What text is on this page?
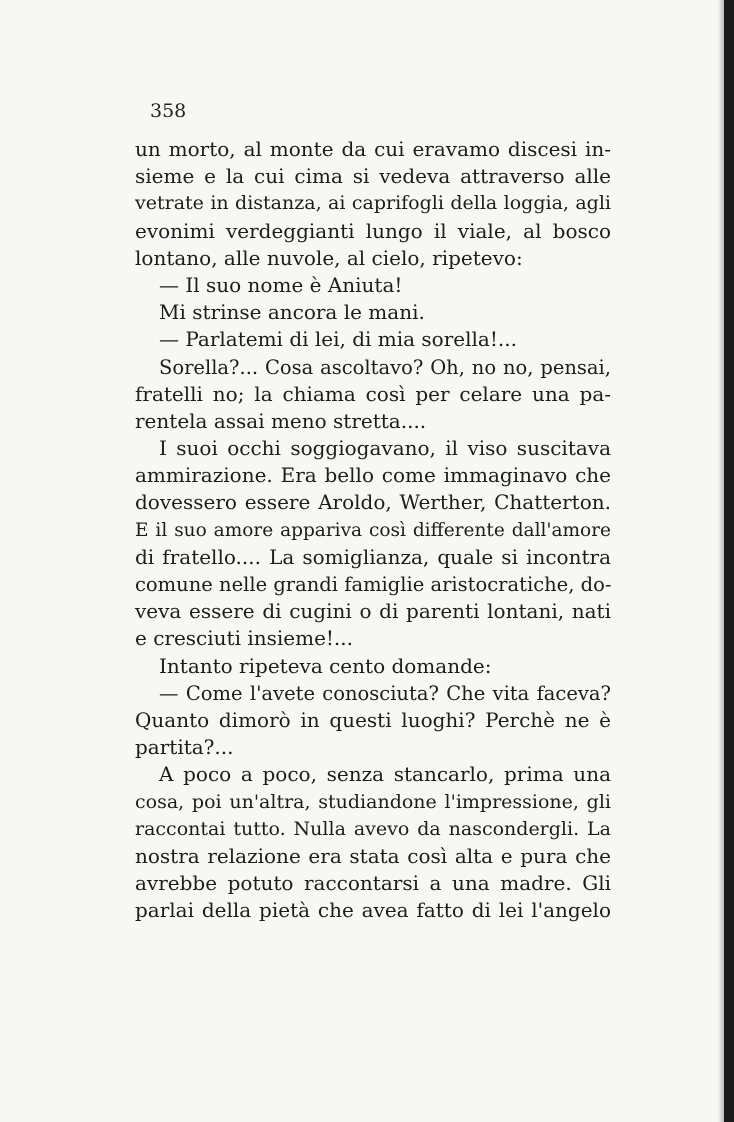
358
un morto, al monte da cui eravamo discesi in-
sieme e la cui cima si vedeva attraverso alle
vetrate in distanza, ai caprifogli della loggia, agli
evonimi verdeggianti lungo il viale, al bosco
lontano, alle nuvole, al cielo, ripetevo:
— Il suo nome è Aniuta!
Mi strinse ancora le mani.
— Parlatemi di lei, di mia sorella!...
Sorella?... Cosa ascoltavo? Oh, no no, pensai,
fratelli no; la chiama così per celare una pa-
rentela assai meno stretta....
I suoi occhi soggiogavano, il viso suscitava
ammirazione. Era bello come immaginavo che
dovessero essere Aroldo, Werther, Chatterton.
E il suo amore appariva così differente dall'amore
di fratello.... La somiglianza, quale si incontra
comune nelle grandi famiglie aristocratiche, do-
veva essere di cugini o di parenti lontani, nati
e cresciuti insieme!...
Intanto ripeteva cento domande:
— Come l'avete conosciuta? Che vita faceva?
Quanto dimorò in questi luoghi? Perchè ne è
partita?...
A poco a poco, senza stancarlo, prima una
cosa, poi un'altra, studiandone l'impressione, gli
raccontai tutto. Nulla avevo da nascondergli. La
nostra relazione era stata così alta e pura che
avrebbe potuto raccontarsi a una madre. Gli
parlai della pietà che avea fatto di lei l'angelo
